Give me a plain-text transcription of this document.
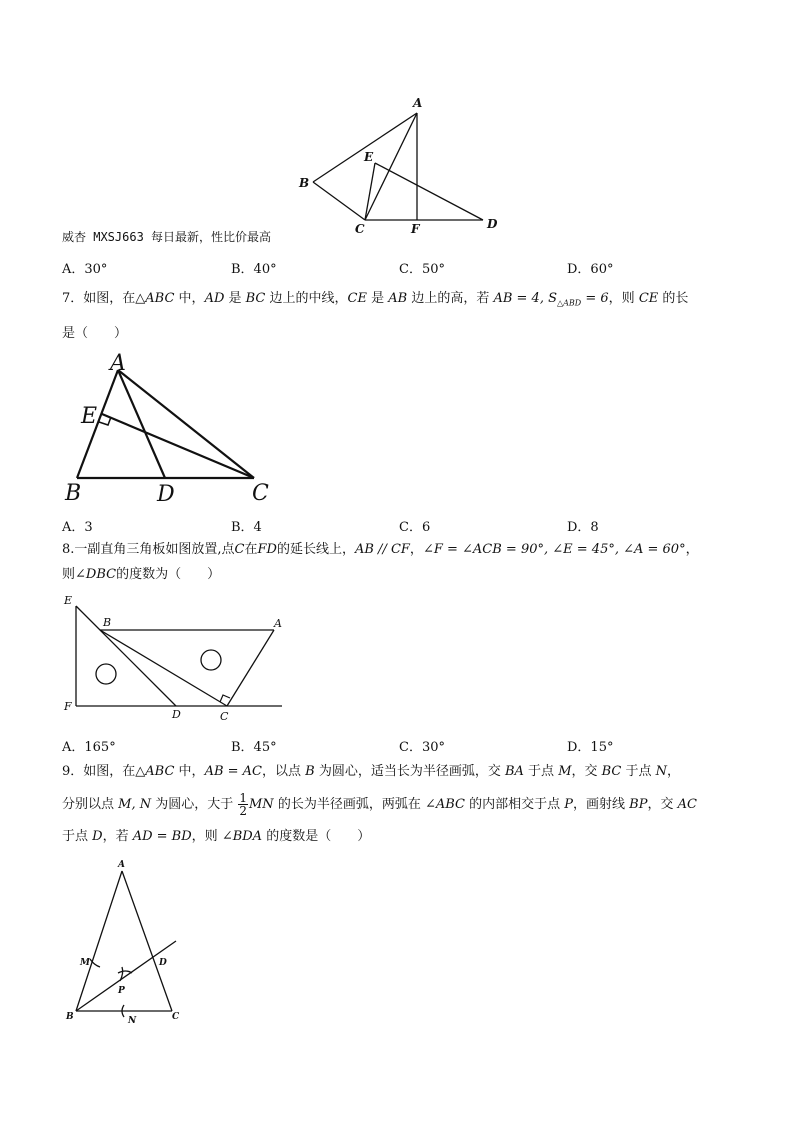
A
B
C	D
E
F
威杏 MXSJ663 每日最新，性比价最高
A．30°	B．40°	C．50°	D．60°
7．如图，在△ABC 中，AD 是 BC 边上的中线，CE 是 AB 边上的高，若 AB = 4, $S_{\triangle ABD} = 6$，则 CE 的长
是（　　）
A
B	C
D
E
A．3	B．4	C．6	D．8
8.一副直角三角板如图放置,点C在FD的延长线上，AB // CF，∠F = ∠ACB = 90°, ∠E = 45°, ∠A = 60°，
则∠DBC的度数为（　　）
E
F
B	A
D	C
A．165°	B．45°	C．30°	D．15°
9．如图，在△ABC 中，AB = AC，以点 B 为圆心，适当长为半径画弧，交 BA 于点 M，交 BC 于点 N，
分别以点 M, N 为圆心，大于 $\frac{1}{2}$ MN 的长为半径画弧，两弧在 ∠ABC 的内部相交于点 P，画射线 BP，交 AC
于点 D，若 AD = BD，则 ∠BDA 的度数是（　　）
A
B	C
D
M
N
P
